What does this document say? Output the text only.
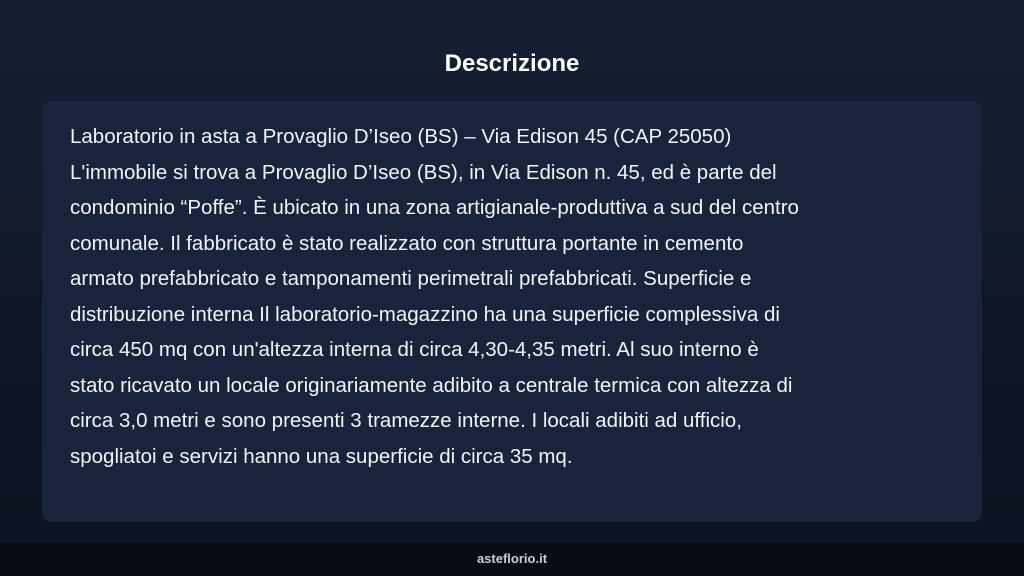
Descrizione
Laboratorio in asta a Provaglio D’Iseo (BS) – Via Edison 45 (CAP 25050)
L'immobile si trova a Provaglio D’Iseo (BS), in Via Edison n. 45, ed è parte del
condominio “Poffe”. È ubicato in una zona artigianale-produttiva a sud del centro
comunale. Il fabbricato è stato realizzato con struttura portante in cemento
armato prefabbricato e tamponamenti perimetrali prefabbricati. Superficie e
distribuzione interna Il laboratorio-magazzino ha una superficie complessiva di
circa 450 mq con un'altezza interna di circa 4,30-4,35 metri. Al suo interno è
stato ricavato un locale originariamente adibito a centrale termica con altezza di
circa 3,0 metri e sono presenti 3 tramezze interne. I locali adibiti ad ufficio,
spogliatoi e servizi hanno una superficie di circa 35 mq.
asteflorio.it
